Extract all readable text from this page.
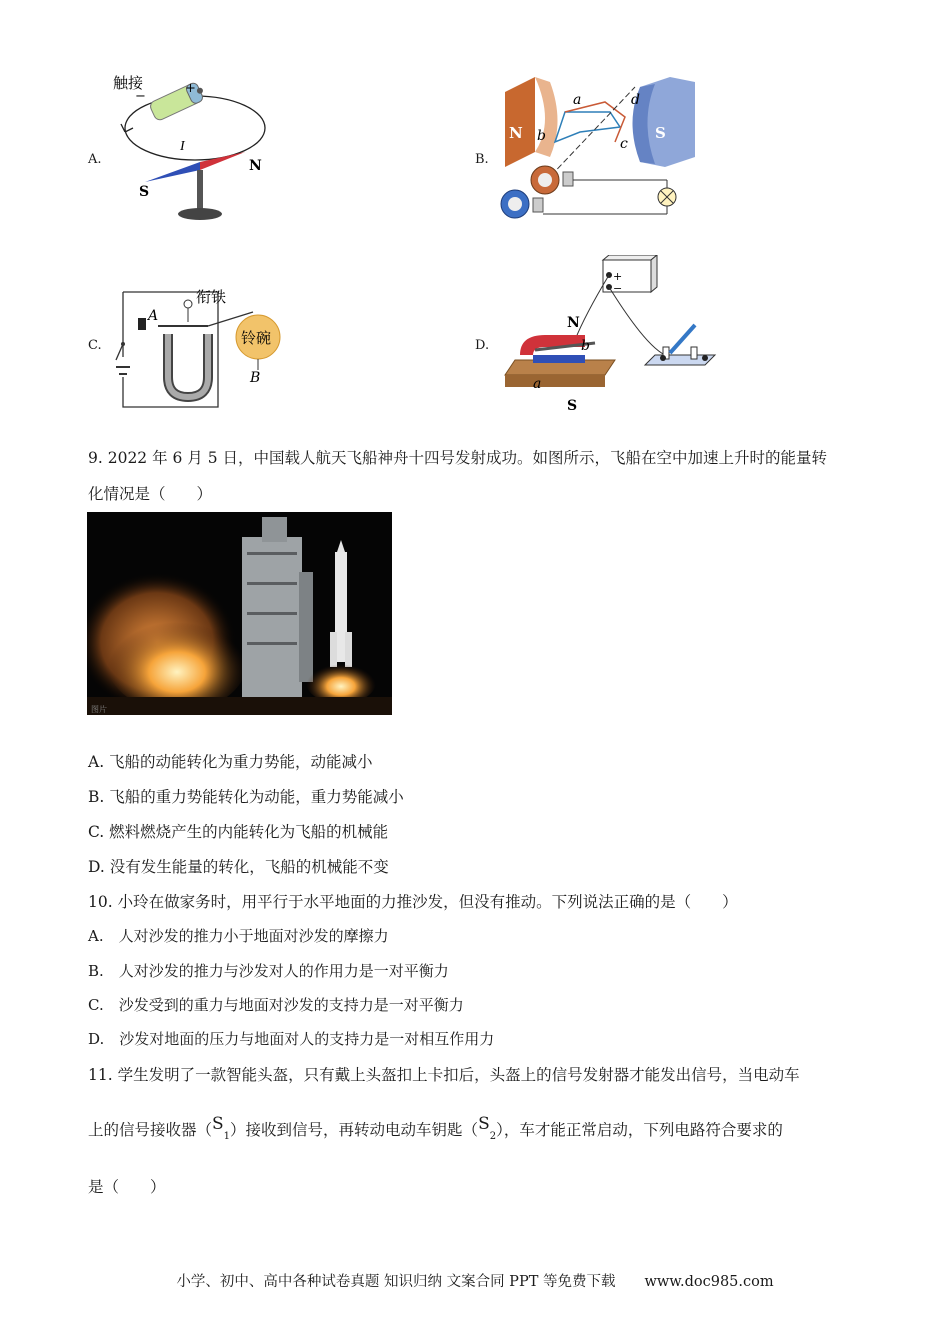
A.
I
触接
−
+
S
N	B.
N	S
a
b	c
d
C.
A
衔铁
铃碗
B
D.
+
−
N
b
a
S
9. 2022 年 6 月 5 日，中国载人航天飞船神舟十四号发射成功。如图所示，飞船在空中加速上升时的能量转
化情况是（　　）
图片
A. 飞船的动能转化为重力势能，动能减小
B. 飞船的重力势能转化为动能，重力势能减小
C. 燃料燃烧产生的内能转化为飞船的机械能
D. 没有发生能量的转化，飞船的机械能不变
10. 小玲在做家务时，用平行于水平地面的力推沙发，但没有推动。下列说法正确的是（　　）
A.　人对沙发的推力小于地面对沙发的摩擦力
B.　人对沙发的推力与沙发对人的作用力是一对平衡力
C.　沙发受到的重力与地面对沙发的支持力是一对平衡力
D.　沙发对地面的压力与地面对人的支持力是一对相互作用力
11. 学生发明了一款智能头盔，只有戴上头盔扣上卡扣后，头盔上的信号发射器才能发出信号，当电动车
上的信号接收器$(S_1)$接收到信号，再转动电动车钥匙$(S_2)$，车才能正常启动，下列电路符合要求的
是（　　）
小学、初中、高中各种试卷真题 知识归纳 文案合同 PPT 等免费下载　　www.doc985.com
